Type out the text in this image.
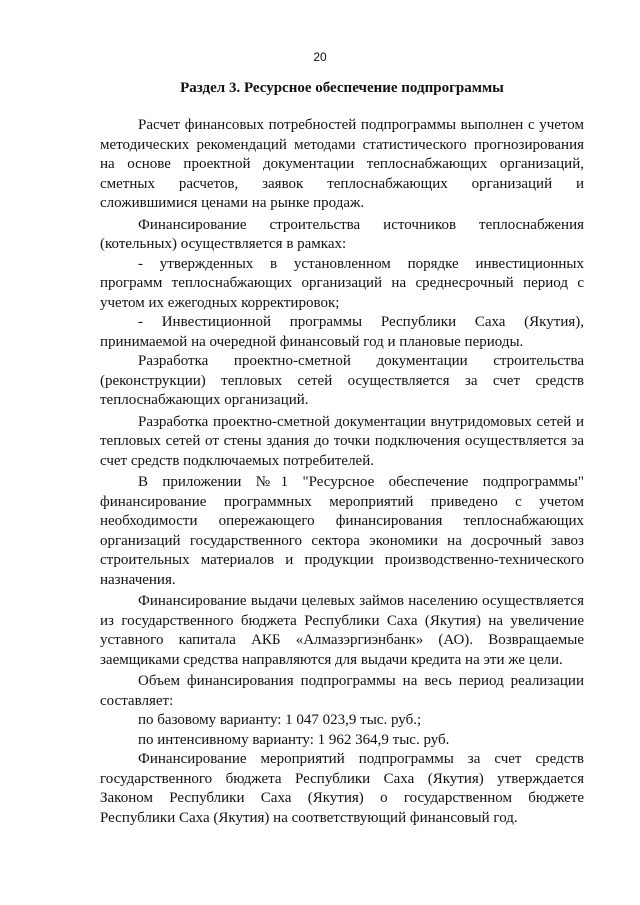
20
Раздел 3. Ресурсное обеспечение подпрограммы

Расчет финансовых потребностей подпрограммы выполнен с учетом методических рекомендаций методами статистического прогнозирования на основе проектной документации теплоснабжающих организаций, сметных расчетов, заявок теплоснабжающих организаций и сложившимися ценами на рынке продаж.

Финансирование строительства источников теплоснабжения (котельных) осуществляется в рамках:

- утвержденных в установленном порядке инвестиционных программ теплоснабжающих организаций на среднесрочный период с учетом их ежегодных корректировок;

- Инвестиционной программы Республики Саха (Якутия), принимаемой на очередной финансовый год и плановые периоды.

Разработка проектно-сметной документации строительства (реконструкции) тепловых сетей осуществляется за счет средств теплоснабжающих организаций.

Разработка проектно-сметной документации внутридомовых сетей и тепловых сетей от стены здания до точки подключения осуществляется за счет средств подключаемых потребителей.

В приложении №1 "Ресурсное обеспечение подпрограммы" финансирование программных мероприятий приведено с учетом необходимости опережающего финансирования теплоснабжающих организаций государственного сектора экономики на досрочный завоз строительных материалов и продукции производственно-технического назначения.

Финансирование выдачи целевых займов населению осуществляется из государственного бюджета Республики Саха (Якутия) на увеличение уставного капитала АКБ «Алмазэргиэнбанк» (АО). Возвращаемые заемщиками средства направляются для выдачи кредита на эти же цели.

Объем финансирования подпрограммы на весь период реализации составляет:

по базовому варианту: 1 047 023,9 тыс. руб.;

по интенсивному варианту: 1 962 364,9 тыс. руб.

Финансирование мероприятий подпрограммы за счет средств государственного бюджета Республики Саха (Якутия) утверждается Законом Республики Саха (Якутия) о государственном бюджете Республики Саха (Якутия) на соответствующий финансовый год.
